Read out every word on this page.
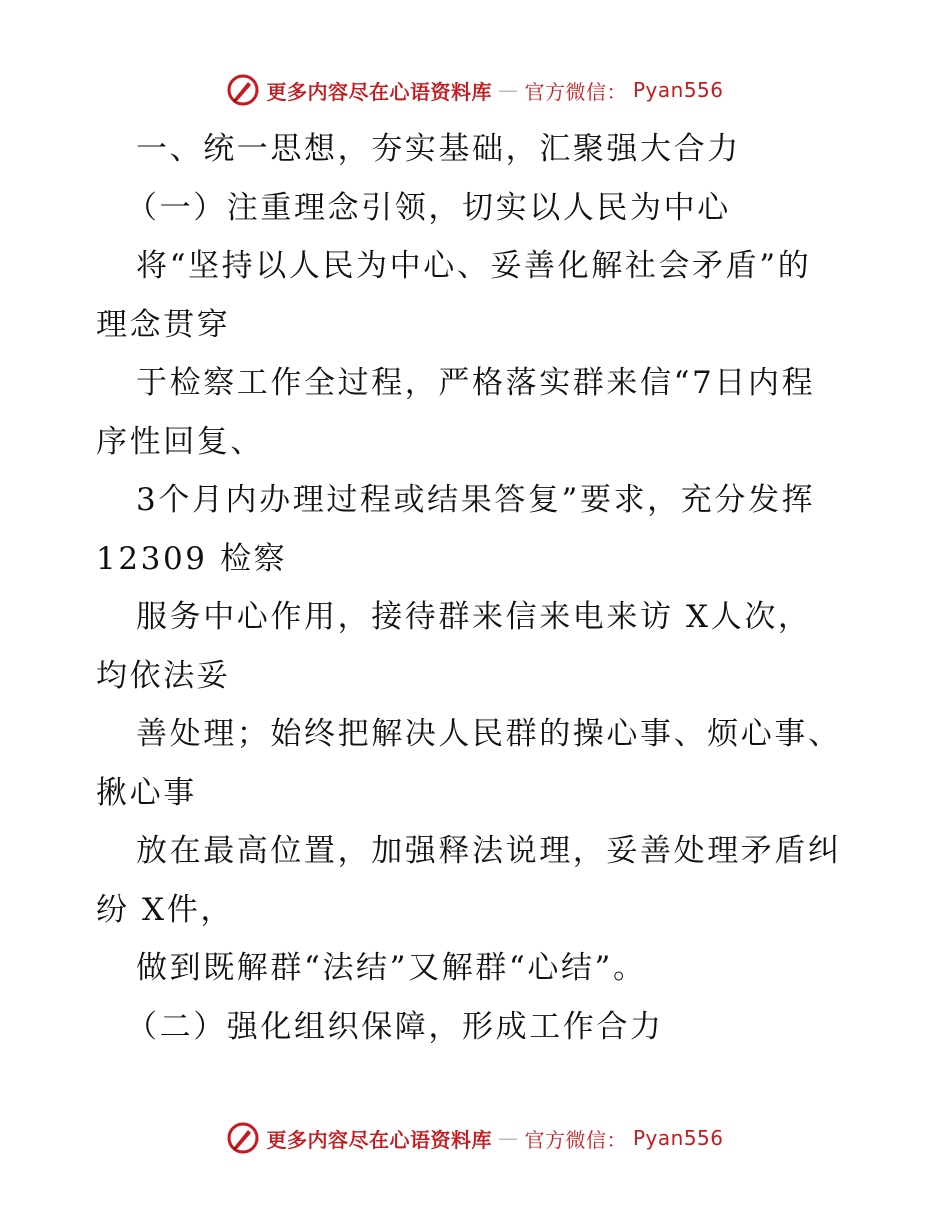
更多内容尽在心语资料库 — 官方微信： Pyan556
一、统一思想，夯实基础，汇聚强大合力
（一）注重理念引领，切实以人民为中心
将“坚持以人民为中心、妥善化解社会矛盾”的
理念贯穿
于检察工作全过程，严格落实群来信“7日内程
序性回复、
3个月内办理过程或结果答复”要求，充分发挥
12309 检察
服务中心作用，接待群来信来电来访 X人次，
均依法妥
善处理；始终把解决人民群的操心事、烦心事、
揪心事
放在最高位置，加强释法说理，妥善处理矛盾纠
纷 X件，
做到既解群“法结”又解群“心结”。
（二）强化组织保障，形成工作合力
更多内容尽在心语资料库 — 官方微信： Pyan556
